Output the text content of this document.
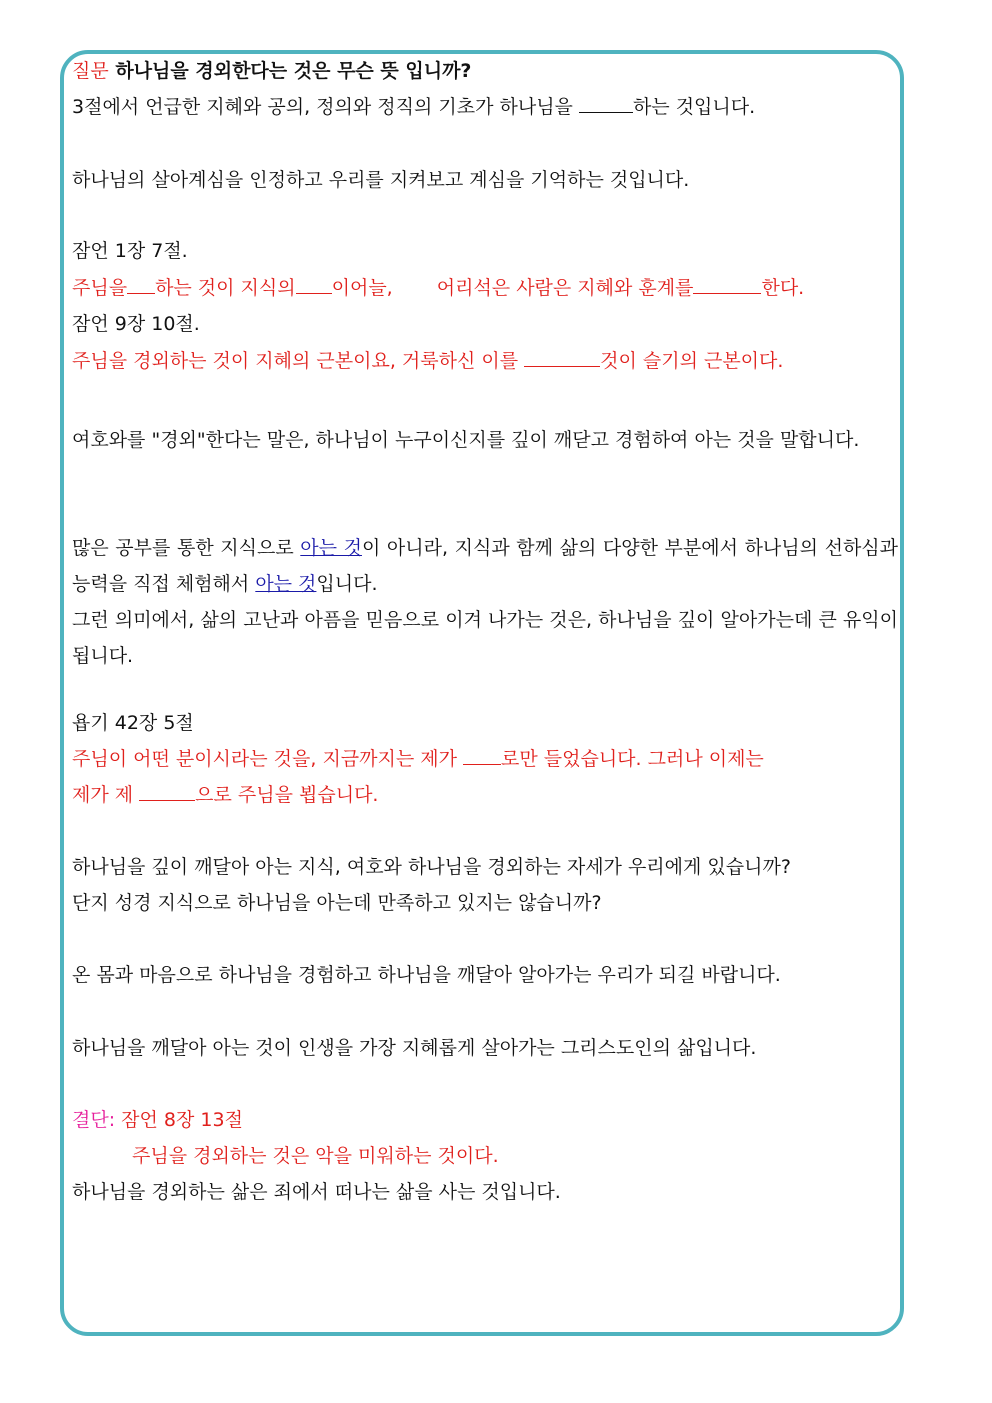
질문 하나님을 경외한다는 것은 무슨 뜻 입니까?
3절에서 언급한 지혜와 공의, 정의와 정직의 기초가 하나님을	하는 것입니다.
하나님의 살아계심을 인정하고 우리를 지켜보고 계심을 기억하는 것입니다.
잠언 1장 7절.
주님을 하는 것이 지식의 이어늘, 어리석은 사람은 지혜와 훈계를	한다.
잠언 9장 10절.
주님을 경외하는 것이 지혜의 근본이요, 거룩하신 이를	것이 슬기의 근본이다.
여호와를 "경외"한다는 말은, 하나님이 누구이신지를 깊이 깨닫고 경험하여 아는 것을 말합니다.
많은 공부를 통한 지식으로 아는 것이 아니라, 지식과 함께 삶의 다양한 부분에서 하나님의 선하심과 능력을 직접 체험해서 아는 것입니다.
그런 의미에서, 삶의 고난과 아픔을 믿음으로 이겨 나가는 것은, 하나님을 깊이 알아가는데 큰 유익이 됩니다.
욥기 42장 5절
주님이 어떤 분이시라는 것을, 지금까지는 제가 로만 들었습니다. 그러나 이제는
제가 제	으로 주님을 뵙습니다.
하나님을 깊이 깨달아 아는 지식, 여호와 하나님을 경외하는 자세가 우리에게 있습니까?
단지 성경 지식으로 하나님을 아는데 만족하고 있지는 않습니까?
온 몸과 마음으로 하나님을 경험하고 하나님을 깨달아 알아가는 우리가 되길 바랍니다.
하나님을 깨달아 아는 것이 인생을 가장 지혜롭게 살아가는 그리스도인의 삶입니다.
결단: 잠언 8장 13절
주님을 경외하는 것은 악을 미워하는 것이다.
하나님을 경외하는 삶은 죄에서 떠나는 삶을 사는 것입니다.
